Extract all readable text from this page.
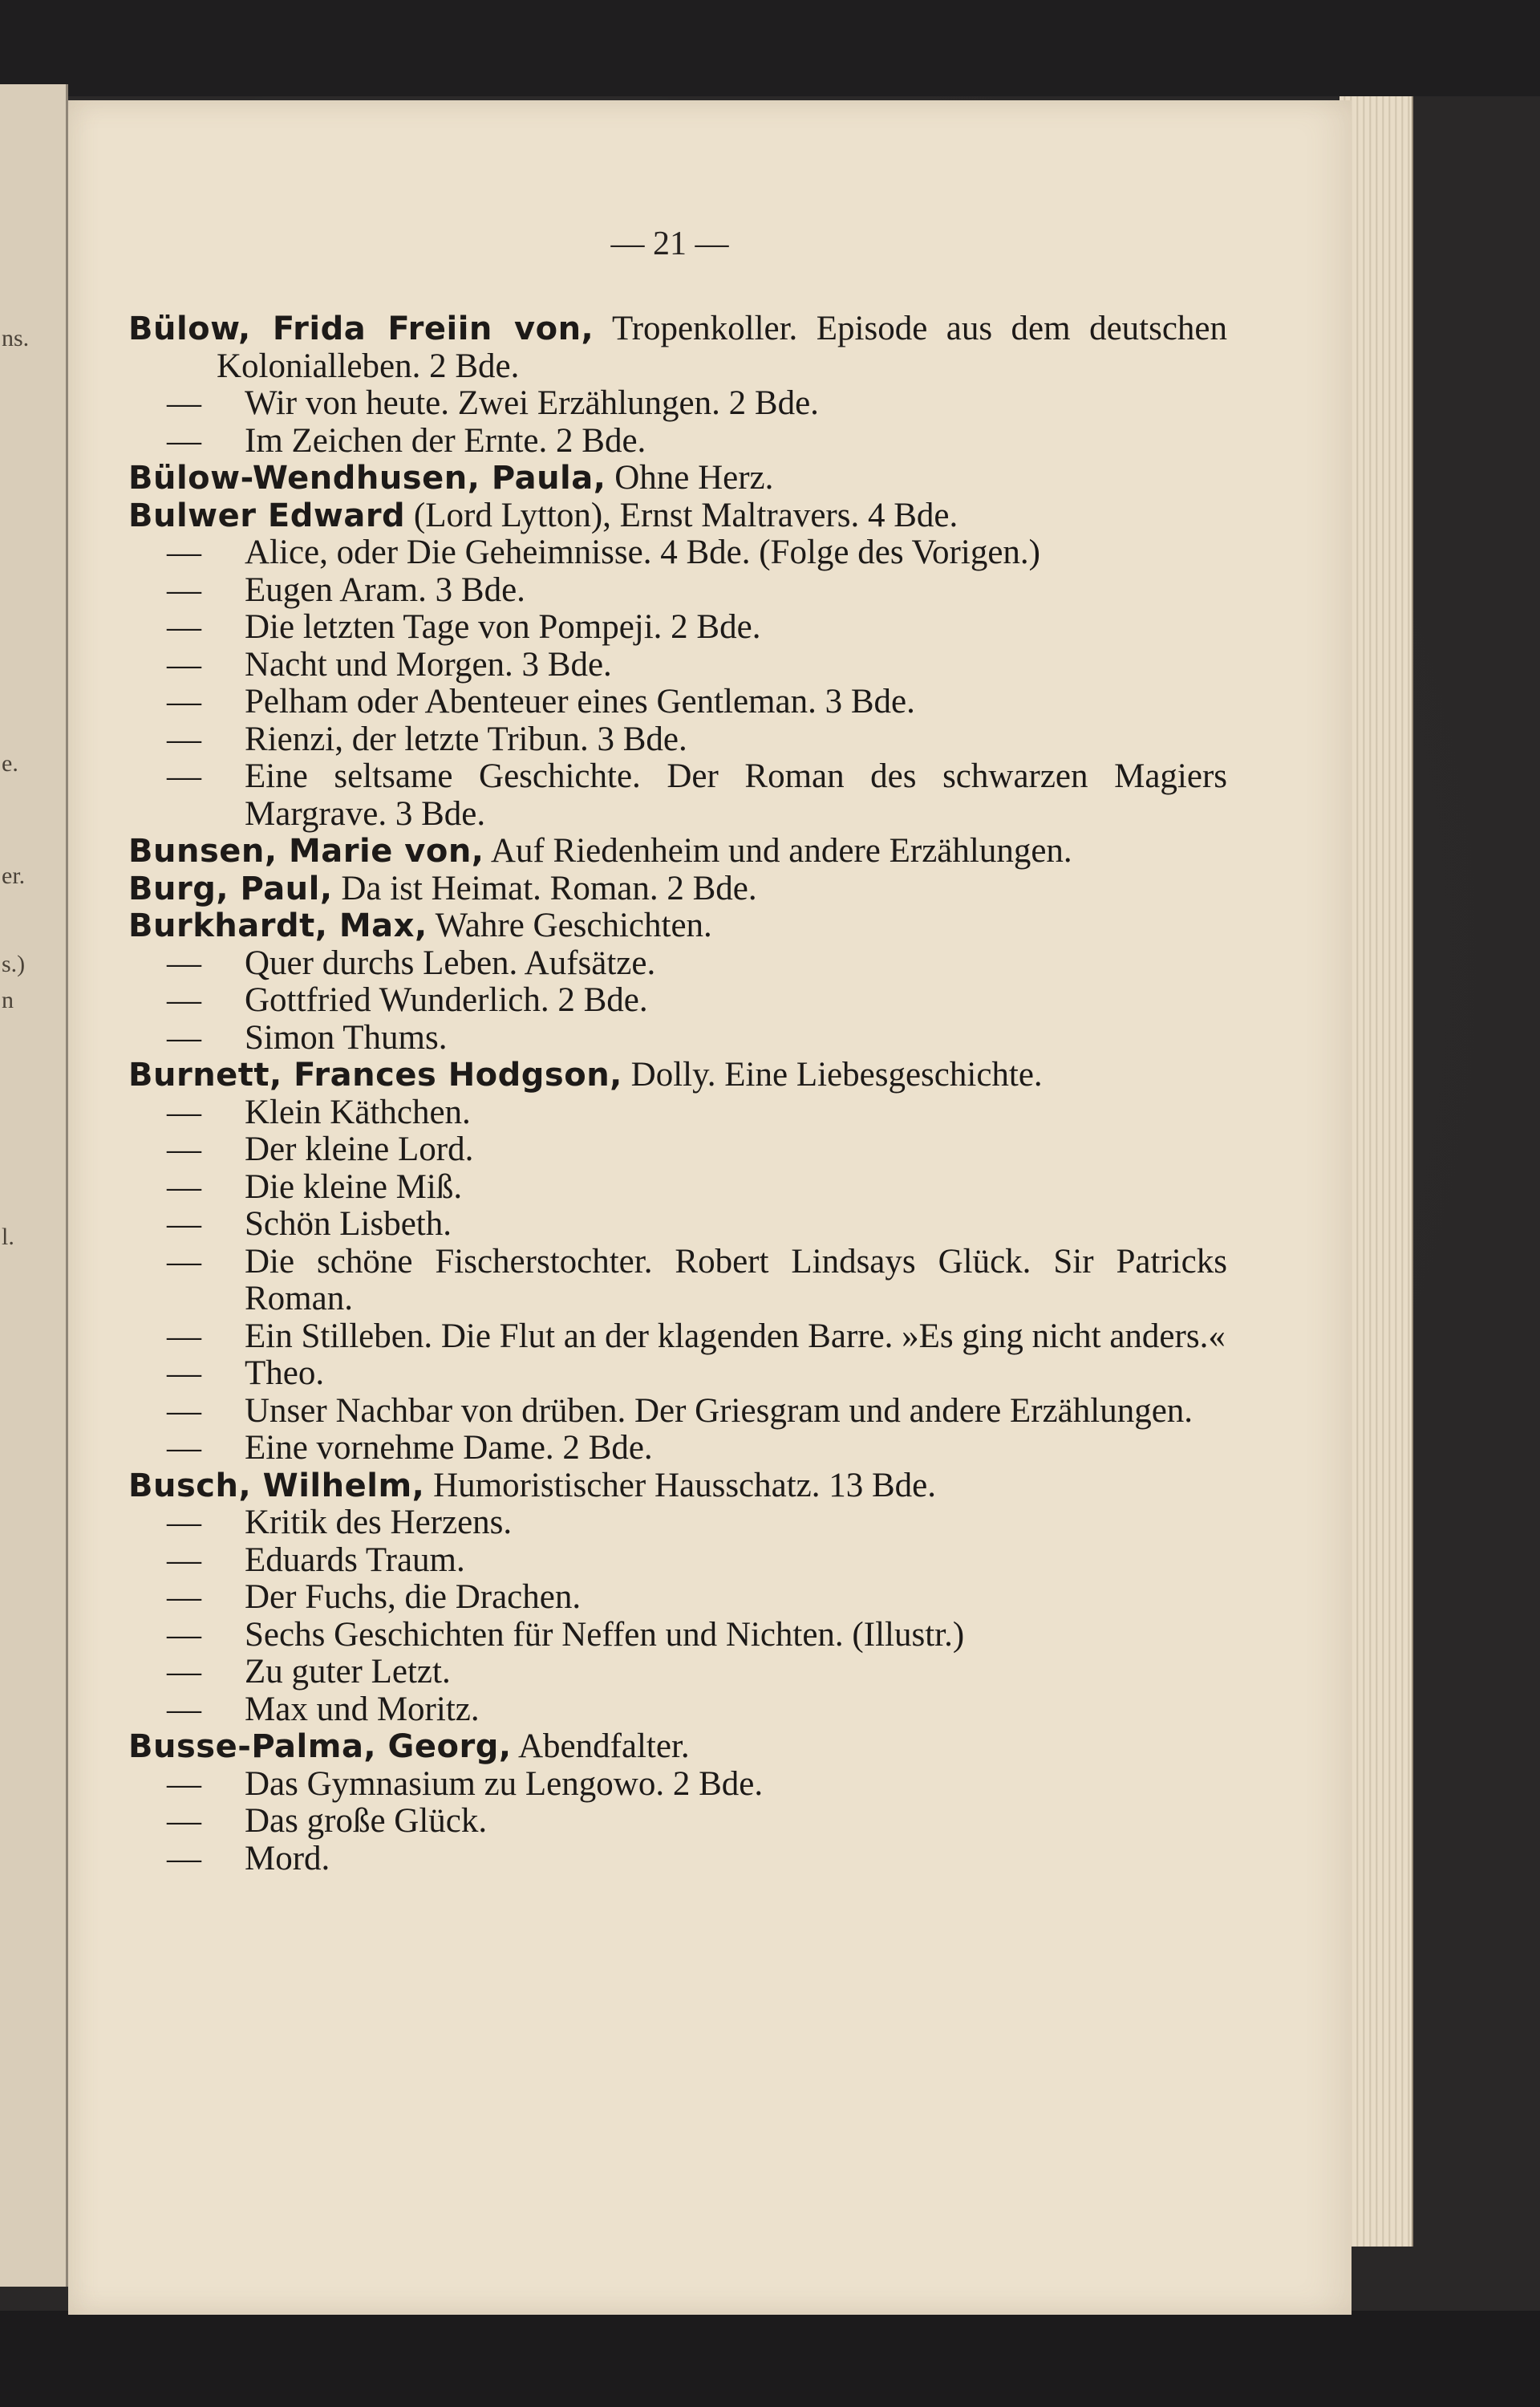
ns.
e.
er.
s.)
n
l.
— 21 —
Bülow, Frida Freiin von, Tropenkoller. Episode aus dem deutschen Kolonialleben. 2 Bde.
— Wir von heute. Zwei Erzählungen. 2 Bde.
— Im Zeichen der Ernte. 2 Bde.
Bülow-Wendhusen, Paula, Ohne Herz.
Bulwer Edward (Lord Lytton), Ernst Maltravers. 4 Bde.
— Alice, oder Die Geheimnisse. 4 Bde. (Folge des Vorigen.)
— Eugen Aram. 3 Bde.
— Die letzten Tage von Pompeji. 2 Bde.
— Nacht und Morgen. 3 Bde.
— Pelham oder Abenteuer eines Gentleman. 3 Bde.
— Rienzi, der letzte Tribun. 3 Bde.
— Eine seltsame Geschichte. Der Roman des schwarzen Magiers Margrave. 3 Bde.
Bunsen, Marie von, Auf Riedenheim und andere Erzählungen.
Burg, Paul, Da ist Heimat. Roman. 2 Bde.
Burkhardt, Max, Wahre Geschichten.
— Quer durchs Leben. Aufsätze.
— Gottfried Wunderlich. 2 Bde.
— Simon Thums.
Burnett, Frances Hodgson, Dolly. Eine Liebesgeschichte.
— Klein Käthchen.
— Der kleine Lord.
— Die kleine Miß.
— Schön Lisbeth.
— Die schöne Fischerstochter. Robert Lindsays Glück. Sir Patricks Roman.
— Ein Stilleben. Die Flut an der klagenden Barre. »Es ging nicht anders.«
— Theo.
— Unser Nachbar von drüben. Der Griesgram und andere Erzählungen.
— Eine vornehme Dame. 2 Bde.
Busch, Wilhelm, Humoristischer Hausschatz. 13 Bde.
— Kritik des Herzens.
— Eduards Traum.
— Der Fuchs, die Drachen.
— Sechs Geschichten für Neffen und Nichten. (Illustr.)
— Zu guter Letzt.
— Max und Moritz.
Busse-Palma, Georg, Abendfalter.
— Das Gymnasium zu Lengowo. 2 Bde.
— Das große Glück.
— Mord.
